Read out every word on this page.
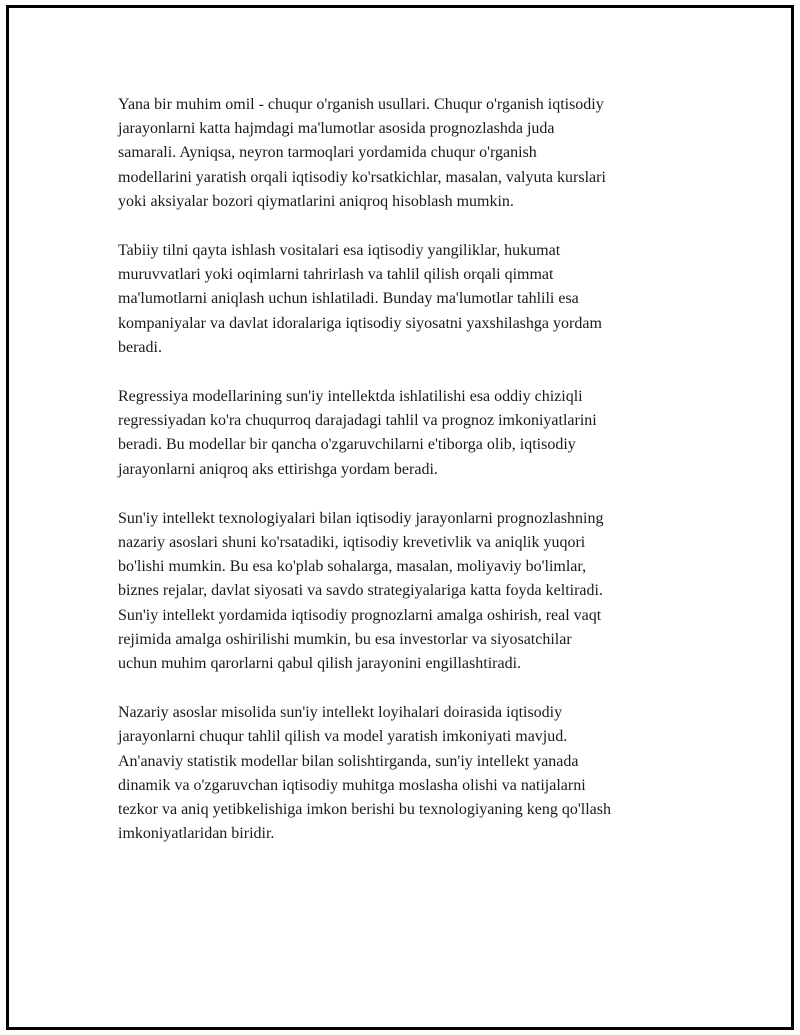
Yana bir muhim omil - chuqur o'rganish usullari. Chuqur o'rganish iqtisodiy
jarayonlarni katta hajmdagi ma'lumotlar asosida prognozlashda juda
samarali. Ayniqsa, neyron tarmoqlari yordamida chuqur o'rganish
modellarini yaratish orqali iqtisodiy ko'rsatkichlar, masalan, valyuta kurslari
yoki aksiyalar bozori qiymatlarini aniqroq hisoblash mumkin.

Tabiiy tilni qayta ishlash vositalari esa iqtisodiy yangiliklar, hukumat
muruvvatlari yoki oqimlarni tahrirlash va tahlil qilish orqali qimmat
ma'lumotlarni aniqlash uchun ishlatiladi. Bunday ma'lumotlar tahlili esa
kompaniyalar va davlat idoralariga iqtisodiy siyosatni yaxshilashga yordam
beradi.

Regressiya modellarining sun'iy intellektda ishlatilishi esa oddiy chiziqli
regressiyadan ko'ra chuqurroq darajadagi tahlil va prognoz imkoniyatlarini
beradi. Bu modellar bir qancha o'zgaruvchilarni e'tiborga olib, iqtisodiy
jarayonlarni aniqroq aks ettirishga yordam beradi.

Sun'iy intellekt texnologiyalari bilan iqtisodiy jarayonlarni prognozlashning
nazariy asoslari shuni ko'rsatadiki, iqtisodiy krevetivlik va aniqlik yuqori
bo'lishi mumkin. Bu esa ko'plab sohalarga, masalan, moliyaviy bo'limlar,
biznes rejalar, davlat siyosati va savdo strategiyalariga katta foyda keltiradi.
Sun'iy intellekt yordamida iqtisodiy prognozlarni amalga oshirish, real vaqt
rejimida amalga oshirilishi mumkin, bu esa investorlar va siyosatchilar
uchun muhim qarorlarni qabul qilish jarayonini engillashtiradi.

Nazariy asoslar misolida sun'iy intellekt loyihalari doirasida iqtisodiy
jarayonlarni chuqur tahlil qilish va model yaratish imkoniyati mavjud.
An'anaviy statistik modellar bilan solishtirganda, sun'iy intellekt yanada
dinamik va o'zgaruvchan iqtisodiy muhitga moslasha olishi va natijalarni
tezkor va aniq yetibkelishiga imkon berishi bu texnologiyaning keng qo'llash
imkoniyatlaridan biridir.
